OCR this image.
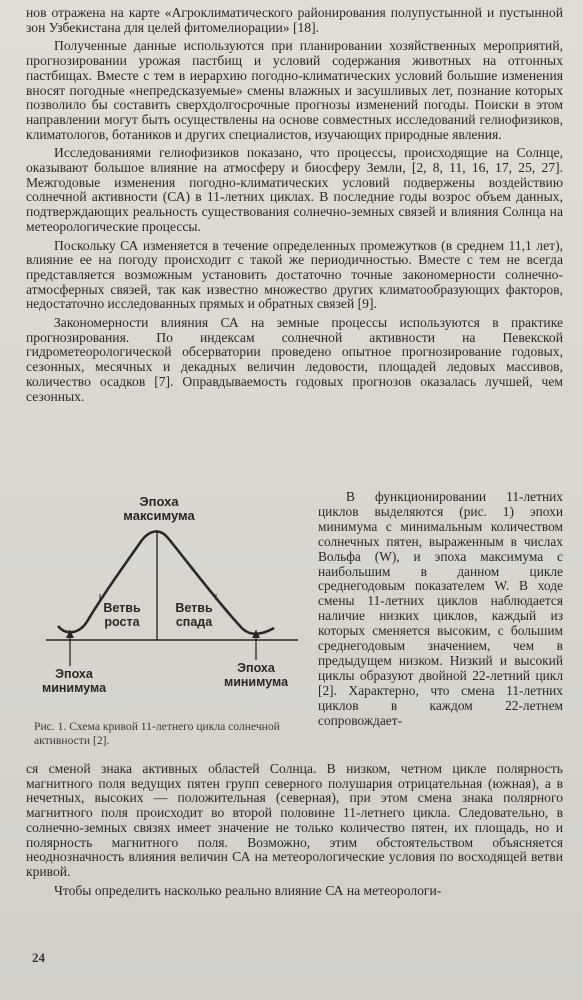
нов отражена на карте «Агроклиматического районирования полупустынной и пустынной зон Узбекистана для целей фитомелиорации» [18].

Полученные данные используются при планировании хозяйственных мероприятий, прогнозировании урожая пастбищ и условий содержания животных на отгонных пастбищах. Вместе с тем в иерархию погодно-климатических условий большие изменения вносят погодные «непредсказуемые» смены влажных и засушливых лет, познание которых позволило бы составить сверхдолгосрочные прогнозы изменений погоды. Поиски в этом направлении могут быть осуществлены на основе совместных исследований гелиофизиков, климатологов, ботаников и других специалистов, изучающих природные явления.

Исследованиями гелиофизиков показано, что процессы, происходящие на Солнце, оказывают большое влияние на атмосферу и биосферу Земли, [2, 8, 11, 16, 17, 25, 27]. Межгодовые изменения погодно-климатических условий подвержены воздействию солнечной активности (СА) в 11-летних циклах. В последние годы возрос объем данных, подтверждающих реальность существования солнечно-земных связей и влияния Солнца на метеорологические процессы.

Поскольку СА изменяется в течение определенных промежутков (в среднем 11,1 лет), влияние ее на погоду происходит с такой же периодичностью. Вместе с тем не всегда представляется возможным установить достаточно точные закономерности солнечно-атмосферных связей, так как известно множество других климатообразующих факторов, недостаточно исследованных прямых и обратных связей [9].

Закономерности влияния СА на земные процессы используются в практике прогнозирования. По индексам солнечной активности на Певекской гидрометеорологической обсерватории проведено опытное прогнозирование годовых, сезонных, месячных и декадных величин ледовости, площадей ледовых массивов, количество осадков [7]. Оправдываемость годовых прогнозов оказалась лучшей, чем сезонных.

Эпоха
максимума
Ветвь
роста
Ветвь
спада
Эпоха
минимума
Эпоха
минимума
Рис. 1. Схема кривой 11-летнего цикла солнечной активности [2].

В функционировании 11-летних циклов выделяются (рис. 1) эпохи минимума с минимальным количеством солнечных пятен, выраженным в числах Вольфа (W), и эпоха максимума с наибольшим в данном цикле среднегодовым показателем W. В ходе смены 11-летних циклов наблюдается наличие низких циклов, каждый из которых сменяется высоким, с большим среднегодовым значением, чем в предыдущем низком. Низкий и высокий циклы образуют двойной 22-летний цикл [2]. Характерно, что смена 11-летних циклов в каждом 22-летнем сопровождает-

ся сменой знака активных областей Солнца. В низком, четном цикле полярность магнитного поля ведущих пятен групп северного полушария отрицательная (южная), а в нечетных, высоких — положительная (северная), при этом смена знака полярного магнитного поля происходит во второй половине 11-летнего цикла. Следовательно, в солнечно-земных связях имеет значение не только количество пятен, их площадь, но и полярность магнитного поля. Возможно, этим обстоятельством объясняется неоднозначность влияния величин СА на метеорологические условия по восходящей ветви кривой.

Чтобы определить насколько реально влияние СА на метеорологи-

24
